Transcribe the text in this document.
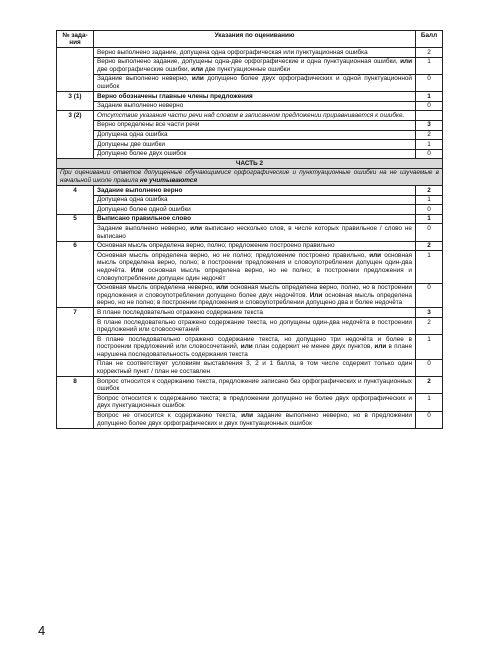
№ зада-ния	Указания по оцениванию	Балл
	Верно выполнено задание, допущена одна орфографическая или пунктуационная ошибка	2
	Верно выполнено задание, допущены одна-две орфографические и одна пунктуационная ошибки, или две орфографические ошибки, или две пунктуационные ошибки	1
	Задание выполнено неверно, или допущено более двух орфографических и одной пунктуационной ошибок	0
3 (1)	Верно обозначены главные члены предложения	1
	Задание выполнено неверно	0
3 (2)	Отсутствие указания части речи над словом в записанном предложении приравнивается к ошибке.	
	Верно определены все части речи	3
	Допущена одна ошибка	2
	Допущены две ошибки	1
	Допущено более двух ошибок	0
ЧАСТЬ 2		
При оценивании ответов допущенные обучающимися орфографические и пунктуационные ошибки на не изучаемые в начальной школе правила не учитываются		
4	Задание выполнено верно	2
	Допущена одна ошибка	1
	Допущено более одной ошибки	0
5	Выписано правильное слово	1
	Задание выполнено неверно, или выписано несколько слов, в числе которых правильное / слово не выписано	0
6	Основная мысль определена верно, полно; предложение построено правильно	2
	Основная мысль определена верно, но не полно; предложение построено правильно, или основная мысль определена верно, полно; в построении предложения и словоупотреблении допущен один-два недочёта. Или основная мысль определена верно, но не полно; в построении предложения и словоупотреблении допущен один недочёт	1
	Основная мысль определена неверно, или основная мысль определена верно, полно, но в построении предложения и словоупотреблении допущено более двух недочётов. Или основная мысль определена верно, но не полно; в построении предложения и словоупотреблении допущено два и более недочёта	0
7	В плане последовательно отражено содержание текста	3
	В плане последовательно отражено содержание текста, но допущены один-два недочёта в построении предложений или словосочетаний	2
	В плане последовательно отражено содержание текста, но допущено три недочёта и более в построении предложений или словосочетаний, или план содержит не менее двух пунктов, или в плане нарушена последовательность содержания текста	1
	План не соответствует условиям выставления 3, 2 и 1 балла, в том числе содержит только один корректный пункт / план не составлен	0
8	Вопрос относится к содержанию текста, предложение записано без орфографических и пунктуационных ошибок	2
	Вопрос относится к содержанию текста; в предложении допущено не более двух орфографических и двух пунктуационных ошибок	1
	Вопрос не относится к содержанию текста, или задание выполнено неверно, но в предложении допущено более двух орфографических и двух пунктуационных ошибок	0
4
